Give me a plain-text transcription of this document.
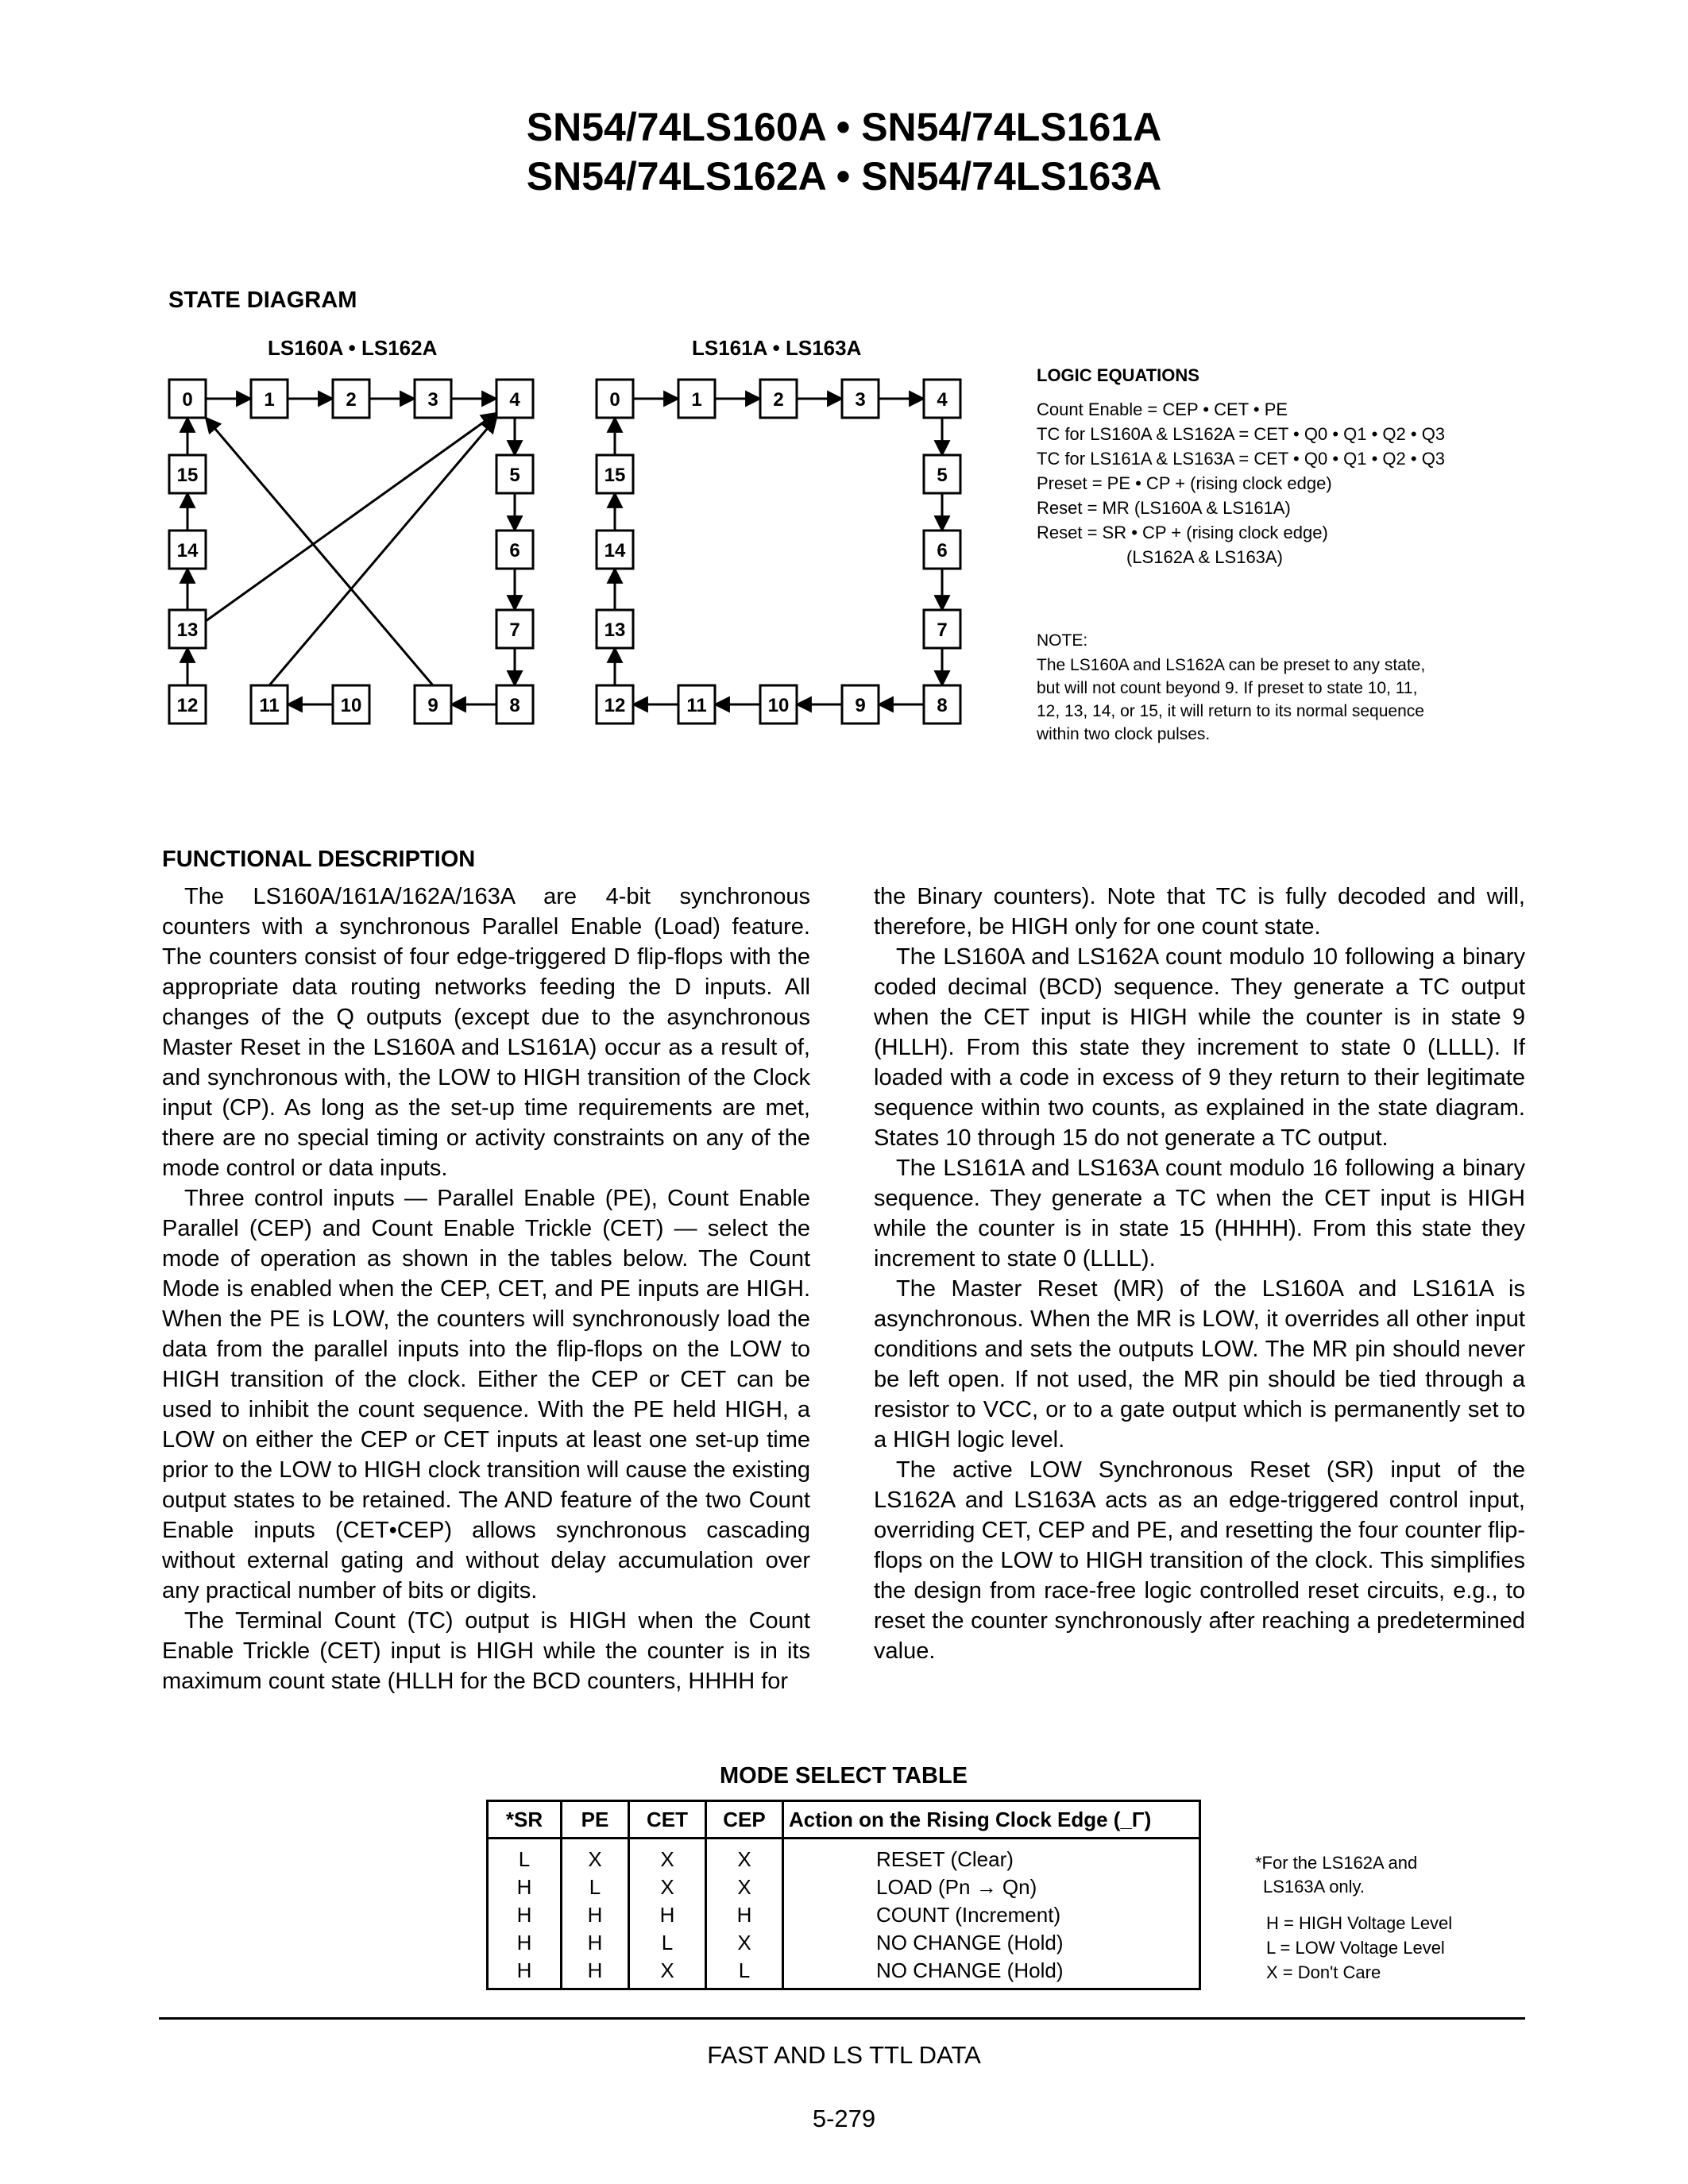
SN54/74LS160A • SN54/74LS161A
SN54/74LS162A • SN54/74LS163A
STATE DIAGRAM
LS160A • LS162A	LS161A • LS163A
0	1	2	3	4
5
6
7
8
9
10
11
12
13
14
15
0	1	2	3	4
5
6
7
8
9
10
11
12
13
14
15
LOGIC EQUATIONS
Count Enable = CEP • CET • PE
TC for LS160A & LS162A = CET • Q0 • Q1 • Q2 • Q3
TC for LS161A & LS163A = CET • Q0 • Q1 • Q2 • Q3
Preset = PE • CP + (rising clock edge)
Reset = MR (LS160A & LS161A)
Reset = SR • CP + (rising clock edge)
(LS162A & LS163A)
NOTE:
The LS160A and LS162A can be preset to any state,
but will not count beyond 9. If preset to state 10, 11,
12, 13, 14, or 15, it will return to its normal sequence
within two clock pulses.
FUNCTIONAL DESCRIPTION

The LS160A/161A/162A/163A are 4-bit synchronous counters with a synchronous Parallel Enable (Load) feature. The counters consist of four edge-triggered D flip-flops with the appropriate data routing networks feeding the D inputs. All changes of the Q outputs (except due to the asynchronous Master Reset in the LS160A and LS161A) occur as a result of, and synchronous with, the LOW to HIGH transition of the Clock input (CP). As long as the set-up time requirements are met, there are no special timing or activity constraints on any of the mode control or data inputs.

Three control inputs — Parallel Enable (PE), Count Enable Parallel (CEP) and Count Enable Trickle (CET) — select the mode of operation as shown in the tables below. The Count Mode is enabled when the CEP, CET, and PE inputs are HIGH. When the PE is LOW, the counters will synchronously load the data from the parallel inputs into the flip-flops on the LOW to HIGH transition of the clock. Either the CEP or CET can be used to inhibit the count sequence. With the PE held HIGH, a LOW on either the CEP or CET inputs at least one set-up time prior to the LOW to HIGH clock transition will cause the existing output states to be retained. The AND feature of the two Count Enable inputs (CET•CEP) allows synchronous cascading without external gating and without delay accumulation over any practical number of bits or digits.

The Terminal Count (TC) output is HIGH when the Count Enable Trickle (CET) input is HIGH while the counter is in its maximum count state (HLLH for the BCD counters, HHHH for

the Binary counters). Note that TC is fully decoded and will, therefore, be HIGH only for one count state.

The LS160A and LS162A count modulo 10 following a binary coded decimal (BCD) sequence. They generate a TC output when the CET input is HIGH while the counter is in state 9 (HLLH). From this state they increment to state 0 (LLLL). If loaded with a code in excess of 9 they return to their legitimate sequence within two counts, as explained in the state diagram. States 10 through 15 do not generate a TC output.

The LS161A and LS163A count modulo 16 following a binary sequence. They generate a TC when the CET input is HIGH while the counter is in state 15 (HHHH). From this state they increment to state 0 (LLLL).

The Master Reset (MR) of the LS160A and LS161A is asynchronous. When the MR is LOW, it overrides all other input conditions and sets the outputs LOW. The MR pin should never be left open. If not used, the MR pin should be tied through a resistor to VCC, or to a gate output which is permanently set to a HIGH logic level.

The active LOW Synchronous Reset (SR) input of the LS162A and LS163A acts as an edge-triggered control input, overriding CET, CEP and PE, and resetting the four counter flip-flops on the LOW to HIGH transition of the clock. This simplifies the design from race-free logic controlled reset circuits, e.g., to reset the counter synchronously after reaching a predetermined value.

MODE SELECT TABLE
*SR	PE	CET	CEP	Action on the Rising Clock Edge (_Γ)
L	X	X	X	RESET (Clear)
H	L	X	X	LOAD (Pn → Qn)
H	H	H	H	COUNT (Increment)
H	H	L	X	NO CHANGE (Hold)
H	H	X	L	NO CHANGE (Hold)
*For the LS162A and
LS163A only.
H = HIGH Voltage Level
L = LOW Voltage Level
X = Don't Care
FAST AND LS TTL DATA
5-279
